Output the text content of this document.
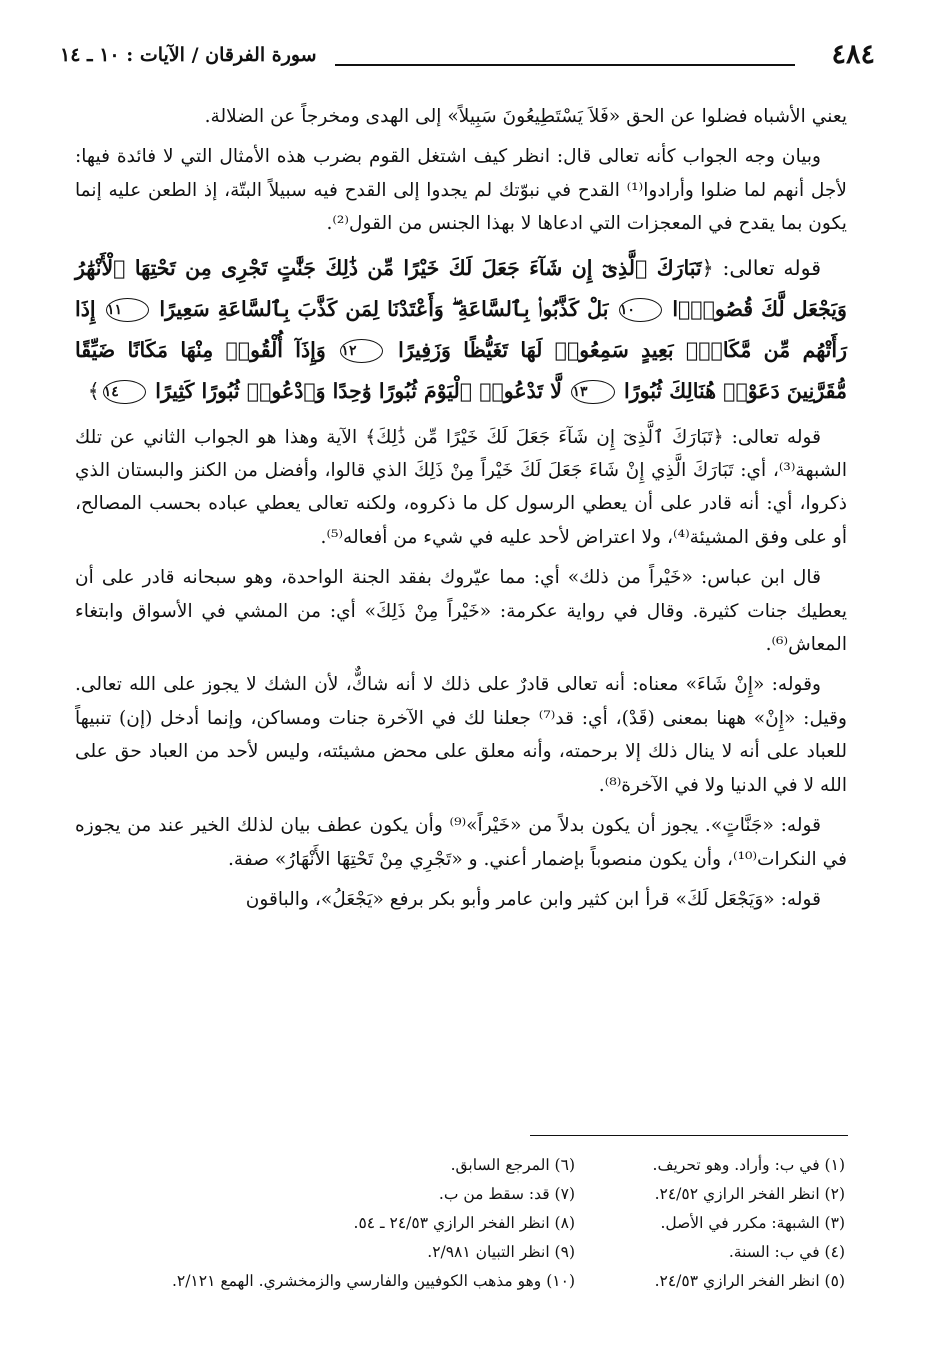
٤٨٤
سورة الفرقان / الآيات : ١٠ ـ ١٤

يعني الأشباه فضلوا عن الحق «فَلاَ يَسْتَطِيعُونَ سَبِيلاً» إلى الهدى ومخرجاً عن الضلالة.

وبيان وجه الجواب كأنه تعالى قال: انظر كيف اشتغل القوم بضرب هذه الأمثال التي لا فائدة فيها: لأجل أنهم لما ضلوا وأرادوا⁽¹⁾ القدح في نبوّتك لم يجدوا إلى القدح فيه سبيلاً البتّة، إذ الطعن عليه إنما يكون بما يقدح في المعجزات التي ادعاها لا بهذا الجنس من القول⁽²⁾.

قوله تعالى: ﴿تَبَارَكَ ٱلَّذِىٓ إِن شَآءَ جَعَلَ لَكَ خَيْرًا مِّن ذَٰلِكَ جَنَّٰتٍ تَجْرِى مِن تَحْتِهَا ٱلْأَنْهَٰرُ وَيَجْعَل لَّكَ قُصُورًۢا ١٠ بَلْ كَذَّبُوا۟ بِٱلسَّاعَةِ ۖ وَأَعْتَدْنَا لِمَن كَذَّبَ بِٱلسَّاعَةِ سَعِيرًا ١١ إِذَا رَأَتْهُم مِّن مَّكَانٍۭ بَعِيدٍ سَمِعُوا۟ لَهَا تَغَيُّظًا وَزَفِيرًا ١٢ وَإِذَآ أُلْقُوا۟ مِنْهَا مَكَانًا ضَيِّقًا مُّقَرَّنِينَ دَعَوْا۟ هُنَالِكَ ثُبُورًا ١٣ لَّا تَدْعُوا۟ ٱلْيَوْمَ ثُبُورًا وَٰحِدًا وَٱدْعُوا۟ ثُبُورًا كَثِيرًا ١٤﴾

قوله تعالى: ﴿تَبَارَكَ ٱلَّذِىٓ إِن شَآءَ جَعَلَ لَكَ خَيْرًا مِّن ذَٰلِكَ﴾ الآية وهذا هو الجواب الثاني عن تلك الشبهة⁽³⁾، أي: تَبَارَكَ الَّذِي إِنْ شَاءَ جَعَلَ لَكَ خَيْراً مِنْ ذَلِكَ الذي قالوا، وأفضل من الكنز والبستان الذي ذكروا، أي: أنه قادر على أن يعطي الرسول كل ما ذكروه، ولكنه تعالى يعطي عباده بحسب المصالح، أو على وفق المشيئة⁽⁴⁾، ولا اعتراض لأحد عليه في شيء من أفعاله⁽⁵⁾.

قال ابن عباس: «خَيْراً من ذلك» أي: مما عيّروك بفقد الجنة الواحدة، وهو سبحانه قادر على أن يعطيك جنات كثيرة. وقال في رواية عكرمة: «خَيْراً مِنْ ذَلِكَ» أي: من المشي في الأسواق وابتغاء المعاش⁽⁶⁾.

وقوله: «إِنْ شَاءَ» معناه: أنه تعالى قادرٌ على ذلك لا أنه شاكٌّ، لأن الشك لا يجوز على الله تعالى. وقيل: «إِنْ» ههنا بمعنى (قَدْ)، أي: قد⁽⁷⁾ جعلنا لك في الآخرة جنات ومساكن، وإنما أدخل (إن) تنبيهاً للعباد على أنه لا ينال ذلك إلا برحمته، وأنه معلق على محض مشيئته، وليس لأحد من العباد حق على الله لا في الدنيا ولا في الآخرة⁽⁸⁾.

قوله: «جَنَّاتٍ». يجوز أن يكون بدلاً من «خَيْراً»⁽⁹⁾ وأن يكون عطف بيان لذلك الخير عند من يجوزه في النكرات⁽¹⁰⁾، وأن يكون منصوباً بإضمار أعني. و «تَجْرِي مِنْ تَحْتِهَا الأَنْهَارُ» صفة.

قوله: «وَيَجْعَل لَكَ» قرأ ابن كثير وابن عامر وأبو بكر برفع «يَجْعَلُ»، والباقون

(١) في ب: وأراد. وهو تحريف.
(٦) المرجع السابق.
(٢) انظر الفخر الرازي ٢٤/٥٢.
(٧) قد: سقط من ب.
(٣) الشبهة: مكرر في الأصل.
(٨) انظر الفخر الرازي ٢٤/٥٣ ـ ٥٤.
(٤) في ب: السنة.
(٩) انظر التبيان ٢/٩٨١.
(٥) انظر الفخر الرازي ٢٤/٥٣.
(١٠) وهو مذهب الكوفيين والفارسي والزمخشري. الهمع ٢/١٢١.
